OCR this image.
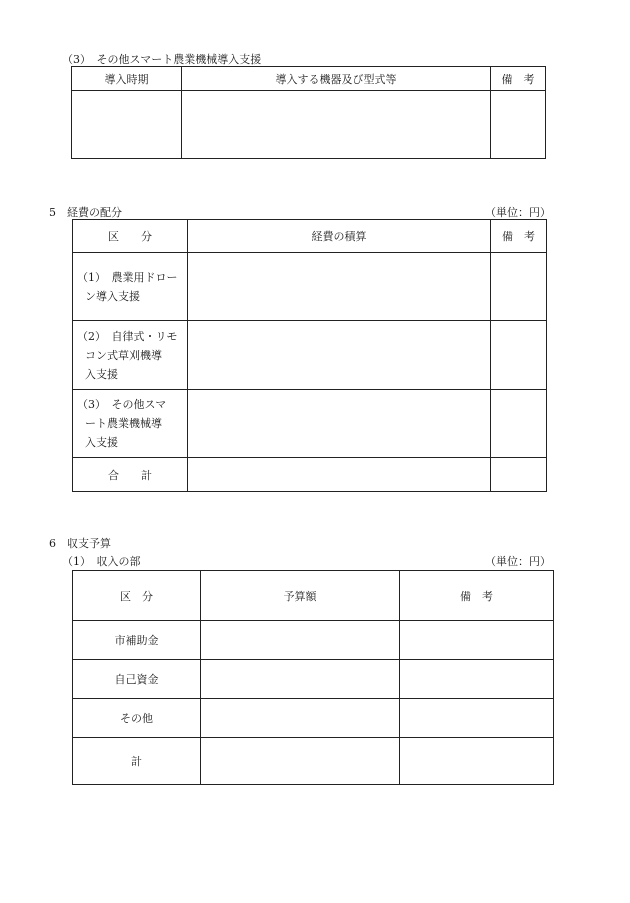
（3）　その他スマート農業機械導入支援
導入時期	導入する機器及び型式等	備　考

5　経費の配分	（単位：円）
区　　分	経費の積算	備　考

（1）　 農業用ドロー
ン導入支援		

（2）　 自律式・リモ
コン式草刈機導
入支援		

（3）　 その他スマ
ート農業機械導
入支援		

合　　計		
6　収支予算
（1）　収入の部	（単位：円）
区　分	予算額	備　考
市補助金		
自己資金		
その他		
計		
